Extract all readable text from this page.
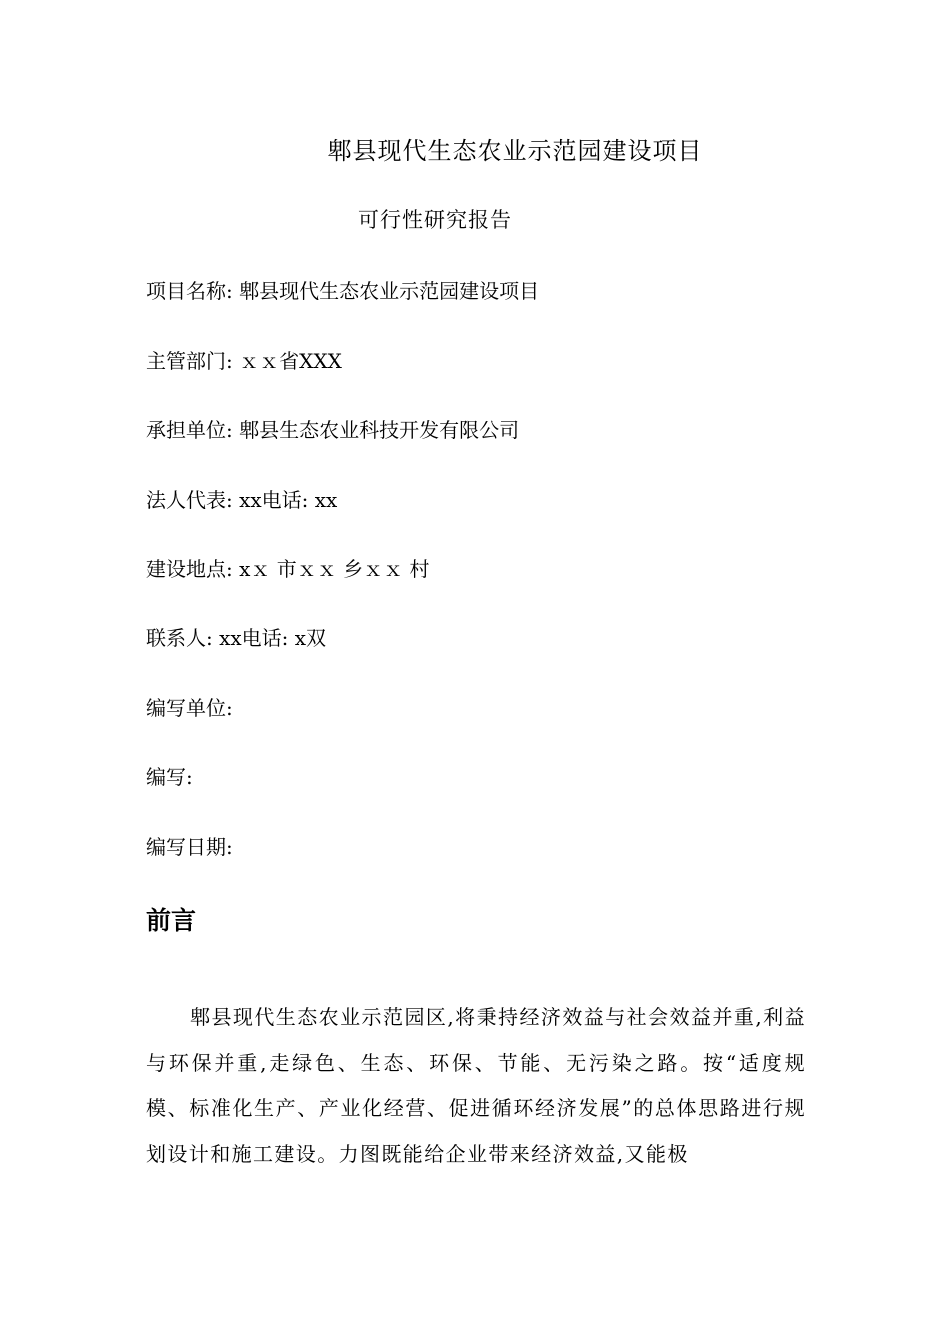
郫县现代生态农业示范园建设项目
可行性研究报告
项目名称: 郫县现代生态农业示范园建设项目
主管部门: ｘｘ省XXX
承担单位: 郫县生态农业科技开发有限公司
法人代表: xx电话: xx
建设地点: xｘ 市ｘｘ 乡ｘｘ 村
联系人: xx电话: x双
编写单位:
编写:
编写日期:
前言
郫县现代生态农业示范园区,将秉持经济效益与社会效益并重,利益与环保并重,走绿色、生态、环保、节能、无污染之路。按“适度规模、标准化生产、产业化经营、促进循环经济发展”的总体思路进行规划设计和施工建设。力图既能给企业带来经济效益,又能极
